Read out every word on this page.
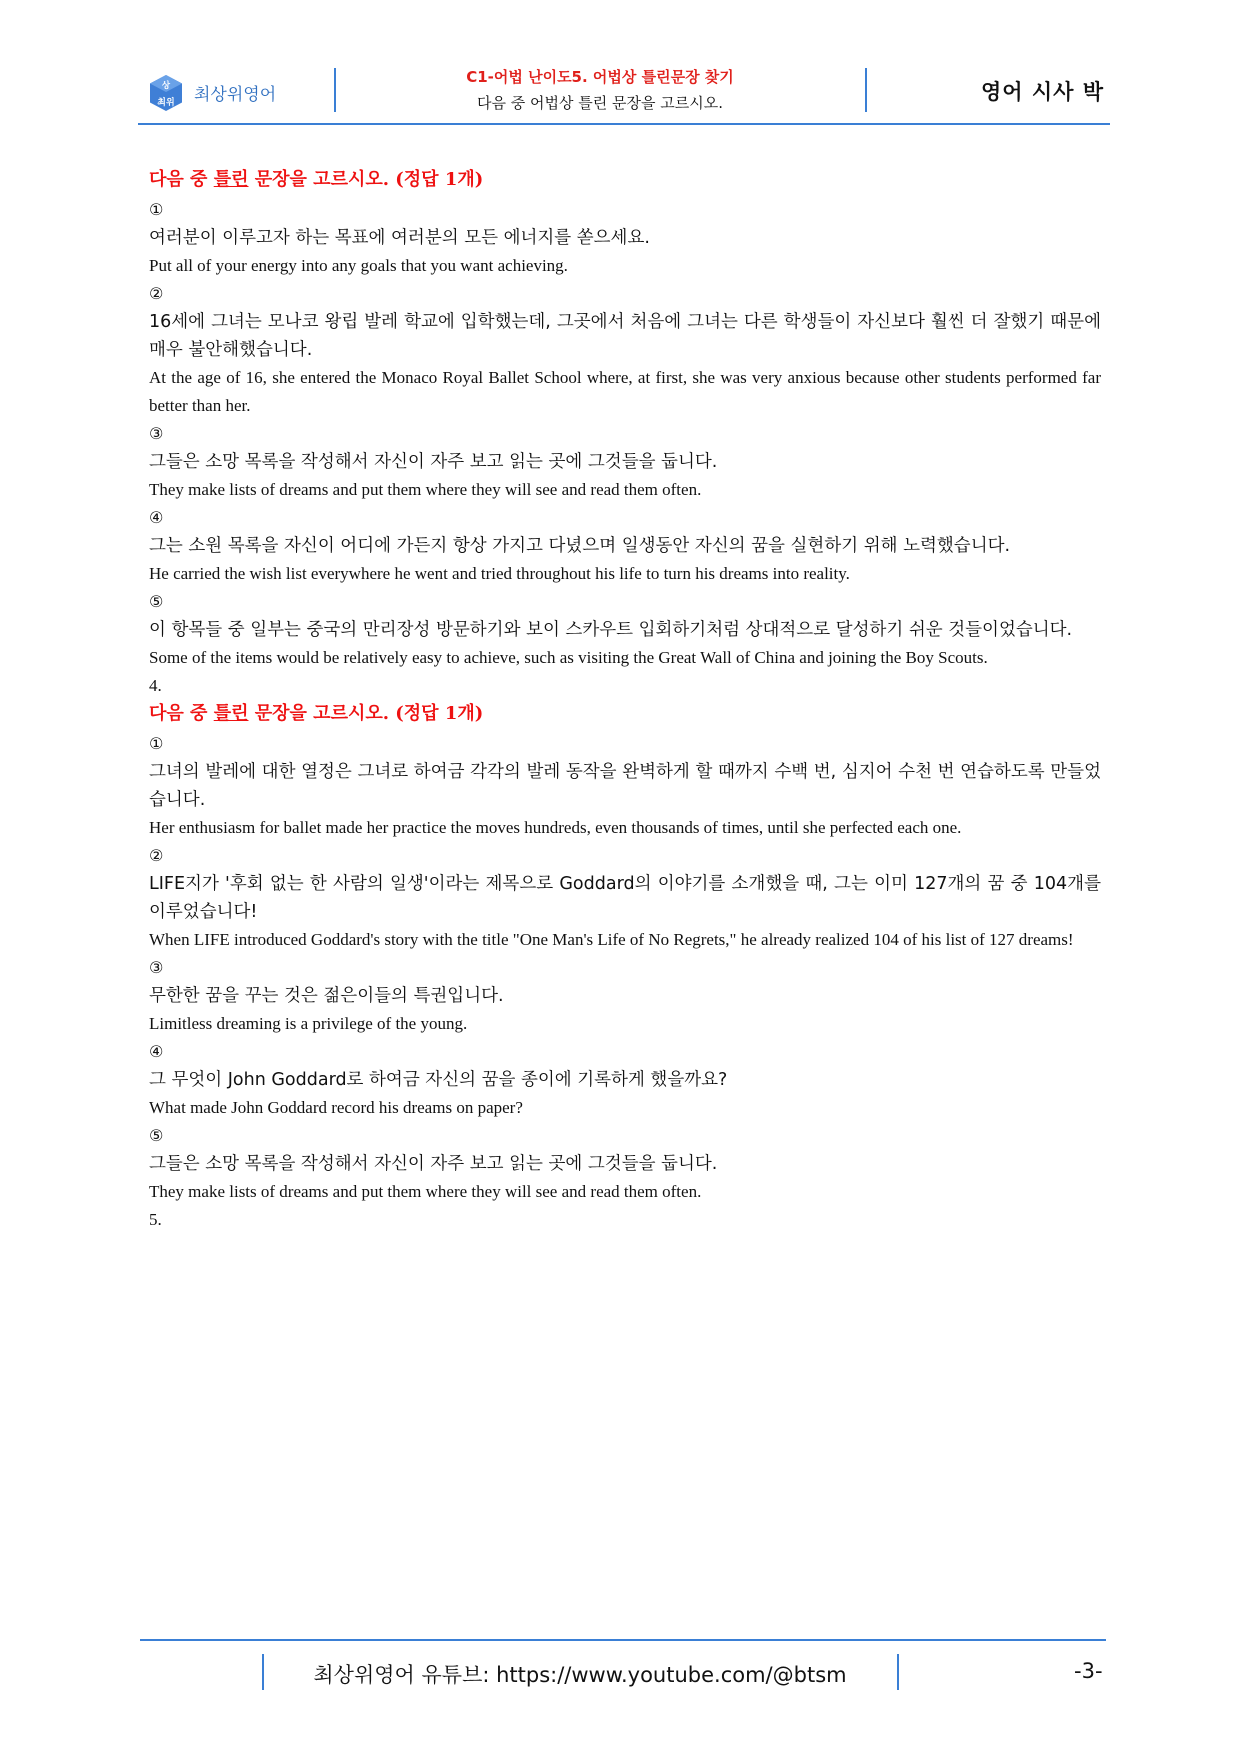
상
최위 최상위영어
C1-어법 난이도5. 어법상 틀린문장 찾기
다음 중 어법상 틀린 문장을 고르시오.	영어 시사 박
다음 중 틀린 문장을 고르시오. (정답 1개)
①
여러분이 이루고자 하는 목표에 여러분의 모든 에너지를 쏟으세요.
Put all of your energy into any goals that you want achieving.
②
16세에 그녀는 모나코 왕립 발레 학교에 입학했는데, 그곳에서 처음에 그녀는 다른 학생들이 자신보다 훨씬 더 잘했기 때문에 매우 불안해했습니다.
At the age of 16, she entered the Monaco Royal Ballet School where, at first, she was very anxious because other students performed far better than her.
③
그들은 소망 목록을 작성해서 자신이 자주 보고 읽는 곳에 그것들을 둡니다.
They make lists of dreams and put them where they will see and read them often.
④
그는 소원 목록을 자신이 어디에 가든지 항상 가지고 다녔으며 일생동안 자신의 꿈을 실현하기 위해 노력했습니다.
He carried the wish list everywhere he went and tried throughout his life to turn his dreams into reality.
⑤
이 항목들 중 일부는 중국의 만리장성 방문하기와 보이 스카우트 입회하기처럼 상대적으로 달성하기 쉬운 것들이었습니다.
Some of the items would be relatively easy to achieve, such as visiting the Great Wall of China and joining the Boy Scouts.
4.
다음 중 틀린 문장을 고르시오. (정답 1개)
①
그녀의 발레에 대한 열정은 그녀로 하여금 각각의 발레 동작을 완벽하게 할 때까지 수백 번, 심지어 수천 번 연습하도록 만들었습니다.
Her enthusiasm for ballet made her practice the moves hundreds, even thousands of times, until she perfected each one.
②
LIFE지가 '후회 없는 한 사람의 일생'이라는 제목으로 Goddard의 이야기를 소개했을 때, 그는 이미 127개의 꿈 중 104개를 이루었습니다!
When LIFE introduced Goddard's story with the title "One Man's Life of No Regrets," he already realized 104 of his list of 127 dreams!
③
무한한 꿈을 꾸는 것은 젊은이들의 특권입니다.
Limitless dreaming is a privilege of the young.
④
그 무엇이 John Goddard로 하여금 자신의 꿈을 종이에 기록하게 했을까요?
What made John Goddard record his dreams on paper?
⑤
그들은 소망 목록을 작성해서 자신이 자주 보고 읽는 곳에 그것들을 둡니다.
They make lists of dreams and put them where they will see and read them often.
5.
최상위영어 유튜브: https://www.youtube.com/@btsm	-3-
